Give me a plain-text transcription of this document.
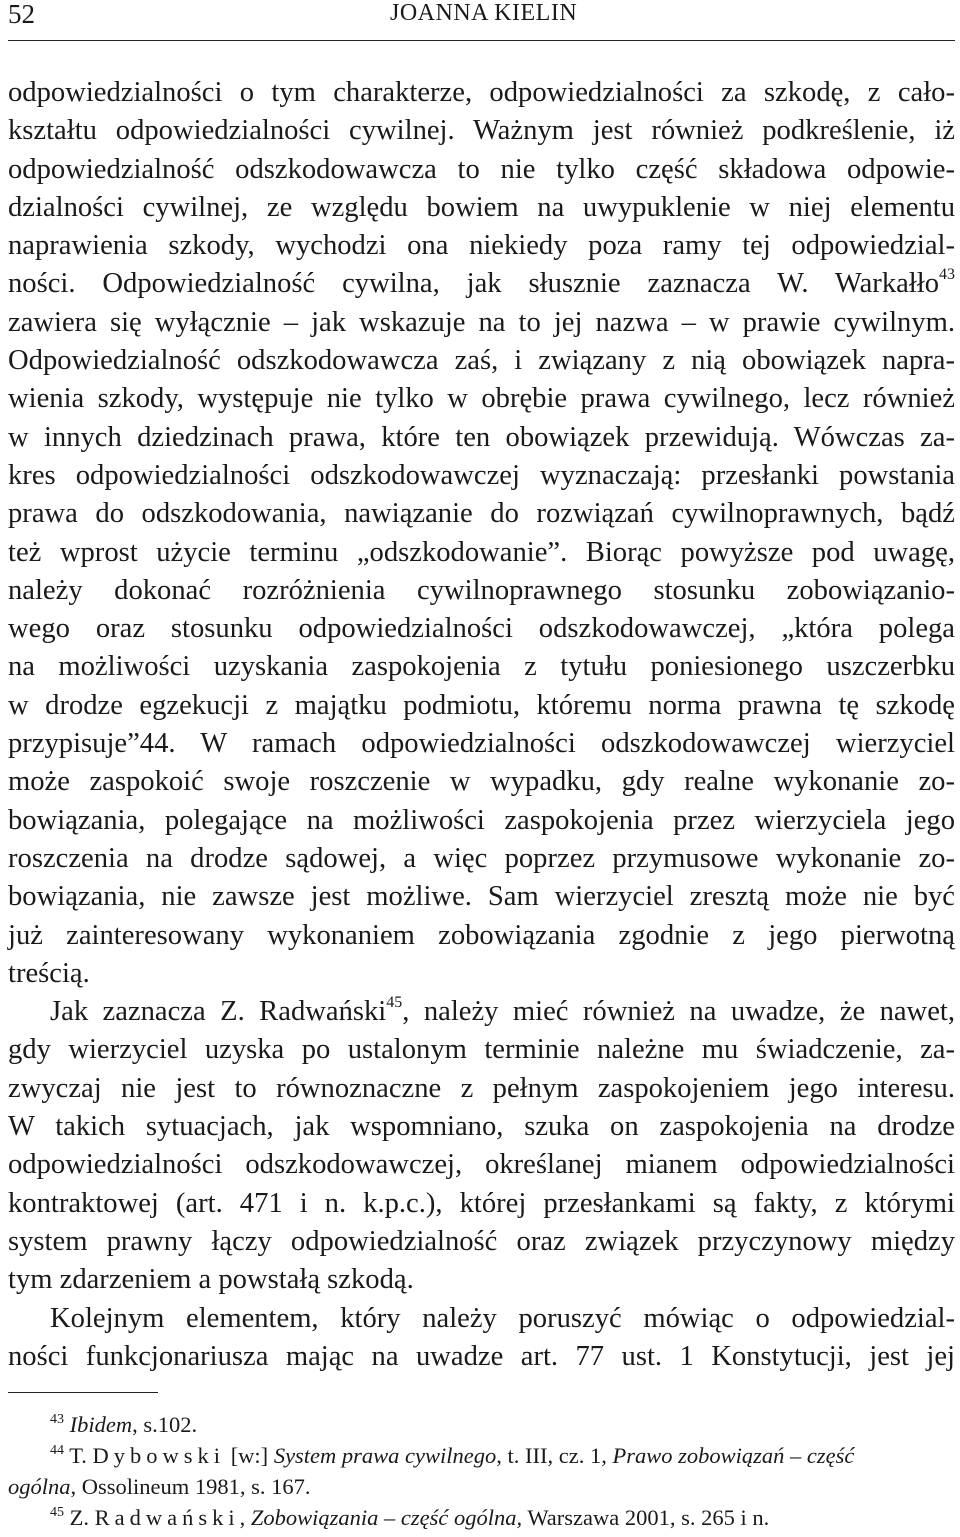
52	JOANNA KIELIN

odpowiedzialności o tym charakterze, odpowiedzialności za szkodę, z cało-

kształtu odpowiedzialności cywilnej. Ważnym jest również podkreślenie, iż

odpowiedzialność odszkodowawcza to nie tylko część składowa odpowie-

dzialności cywilnej, ze względu bowiem na uwypuklenie w niej elementu

naprawienia szkody, wychodzi ona niekiedy poza ramy tej odpowiedzial-

ności. Odpowiedzialność cywilna, jak słusznie zaznacza W. Warkałło$^{43}$

zawiera się wyłącznie – jak wskazuje na to jej nazwa – w prawie cywilnym.

Odpowiedzialność odszkodowawcza zaś, i związany z nią obowiązek napra-

wienia szkody, występuje nie tylko w obrębie prawa cywilnego, lecz również

w innych dziedzinach prawa, które ten obowiązek przewidują. Wówczas za-

kres odpowiedzialności odszkodowawczej wyznaczają: przesłanki powstania

prawa do odszkodowania, nawiązanie do rozwiązań cywilnoprawnych, bądź

też wprost użycie terminu „odszkodowanie”. Biorąc powyższe pod uwagę,

należy dokonać rozróżnienia cywilnoprawnego stosunku zobowiązanio-

wego oraz stosunku odpowiedzialności odszkodowawczej, „która polega

na możliwości uzyskania zaspokojenia z tytułu poniesionego uszczerbku

w drodze egzekucji z majątku podmiotu, któremu norma prawna tę szkodę

przypisuje”44. W ramach odpowiedzialności odszkodowawczej wierzyciel

może zaspokoić swoje roszczenie w wypadku, gdy realne wykonanie zo-

bowiązania, polegające na możliwości zaspokojenia przez wierzyciela jego

roszczenia na drodze sądowej, a więc poprzez przymusowe wykonanie zo-

bowiązania, nie zawsze jest możliwe. Sam wierzyciel zresztą może nie być

już zainteresowany wykonaniem zobowiązania zgodnie z jego pierwotną

treścią.

Jak zaznacza Z. Radwański$^{45}$, należy mieć również na uwadze, że nawet,

gdy wierzyciel uzyska po ustalonym terminie należne mu świadczenie, za-

zwyczaj nie jest to równoznaczne z pełnym zaspokojeniem jego interesu.

W takich sytuacjach, jak wspomniano, szuka on zaspokojenia na drodze

odpowiedzialności odszkodowawczej, określanej mianem odpowiedzialności

kontraktowej (art. 471 i n. k.p.c.), której przesłankami są fakty, z którymi

system prawny łączy odpowiedzialność oraz związek przyczynowy między

tym zdarzeniem a powstałą szkodą.

Kolejnym elementem, który należy poruszyć mówiąc o odpowiedzial-

ności funkcjonariusza mając na uwadze art. 77 ust. 1 Konstytucji, jest jej

$^{43}$ Ibidem, s.102.

$^{44}$ T. Dybowski [w:] System prawa cywilnego, t. III, cz. 1, Prawo zobowiązań – część

ogólna, Ossolineum 1981, s. 167.

$^{45}$ Z. Radwański, Zobowiązania – część ogólna, Warszawa 2001, s. 265 i n.
